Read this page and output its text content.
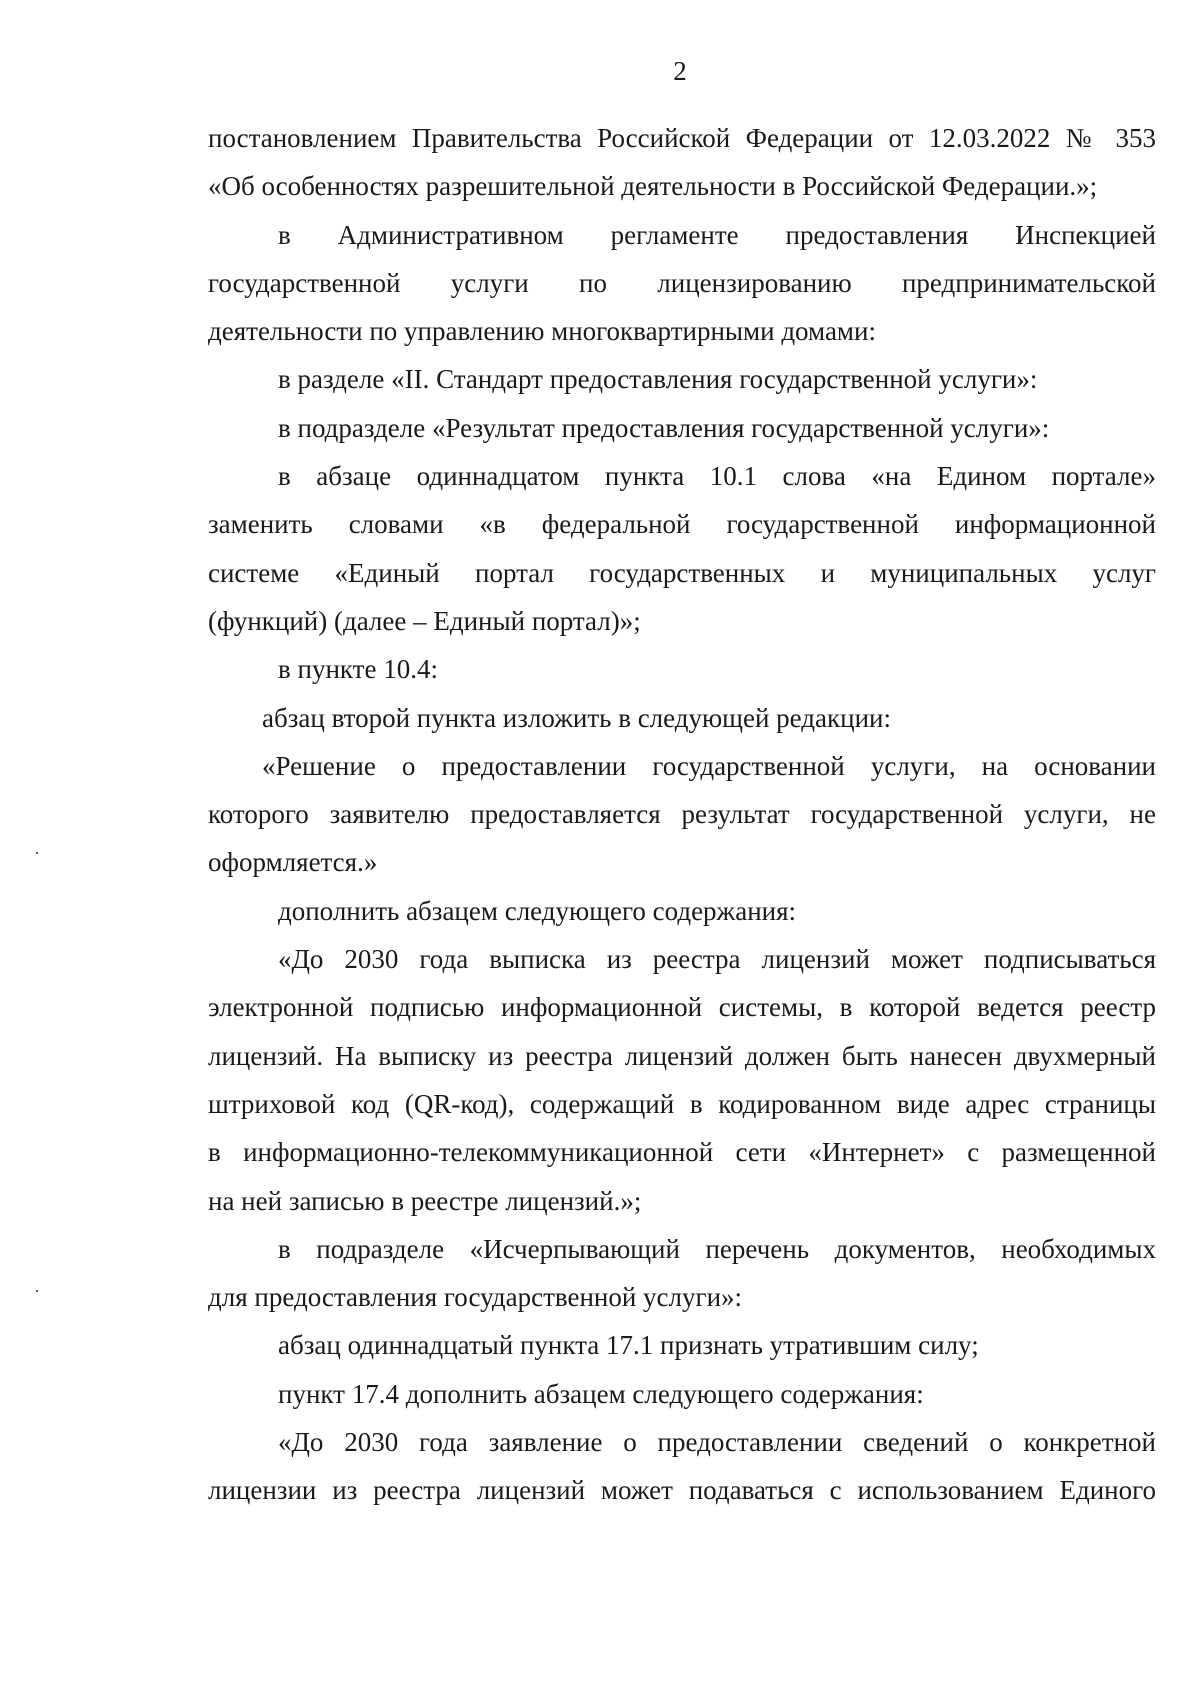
2
постановлением Правительства Российской Федерации от 12.03.2022 № 353
«Об особенностях разрешительной деятельности в Российской Федерации.»;
в Административном регламенте предоставления Инспекцией
государственной услуги по лицензированию предпринимательской
деятельности по управлению многоквартирными домами:
в разделе «II. Стандарт предоставления государственной услуги»:
в подразделе «Результат предоставления государственной услуги»:
в абзаце одиннадцатом пункта 10.1 слова «на Едином портале»
заменить словами «в федеральной государственной информационной
системе «Единый портал государственных и муниципальных услуг
(функций) (далее – Единый портал)»;
в пункте 10.4:
абзац второй пункта изложить в следующей редакции:
«Решение о предоставлении государственной услуги, на основании
которого заявителю предоставляется результат государственной услуги, не
оформляется.»
дополнить абзацем следующего содержания:
«До 2030 года выписка из реестра лицензий может подписываться
электронной подписью информационной системы, в которой ведется реестр
лицензий. На выписку из реестра лицензий должен быть нанесен двухмерный
штриховой код (QR-код), содержащий в кодированном виде адрес страницы
в информационно-телекоммуникационной сети «Интернет» с размещенной
на ней записью в реестре лицензий.»;
в подразделе «Исчерпывающий перечень документов, необходимых
для предоставления государственной услуги»:
абзац одиннадцатый пункта 17.1 признать утратившим силу;
пункт 17.4 дополнить абзацем следующего содержания:
«До 2030 года заявление о предоставлении сведений о конкретной
лицензии из реестра лицензий может подаваться с использованием Единого
